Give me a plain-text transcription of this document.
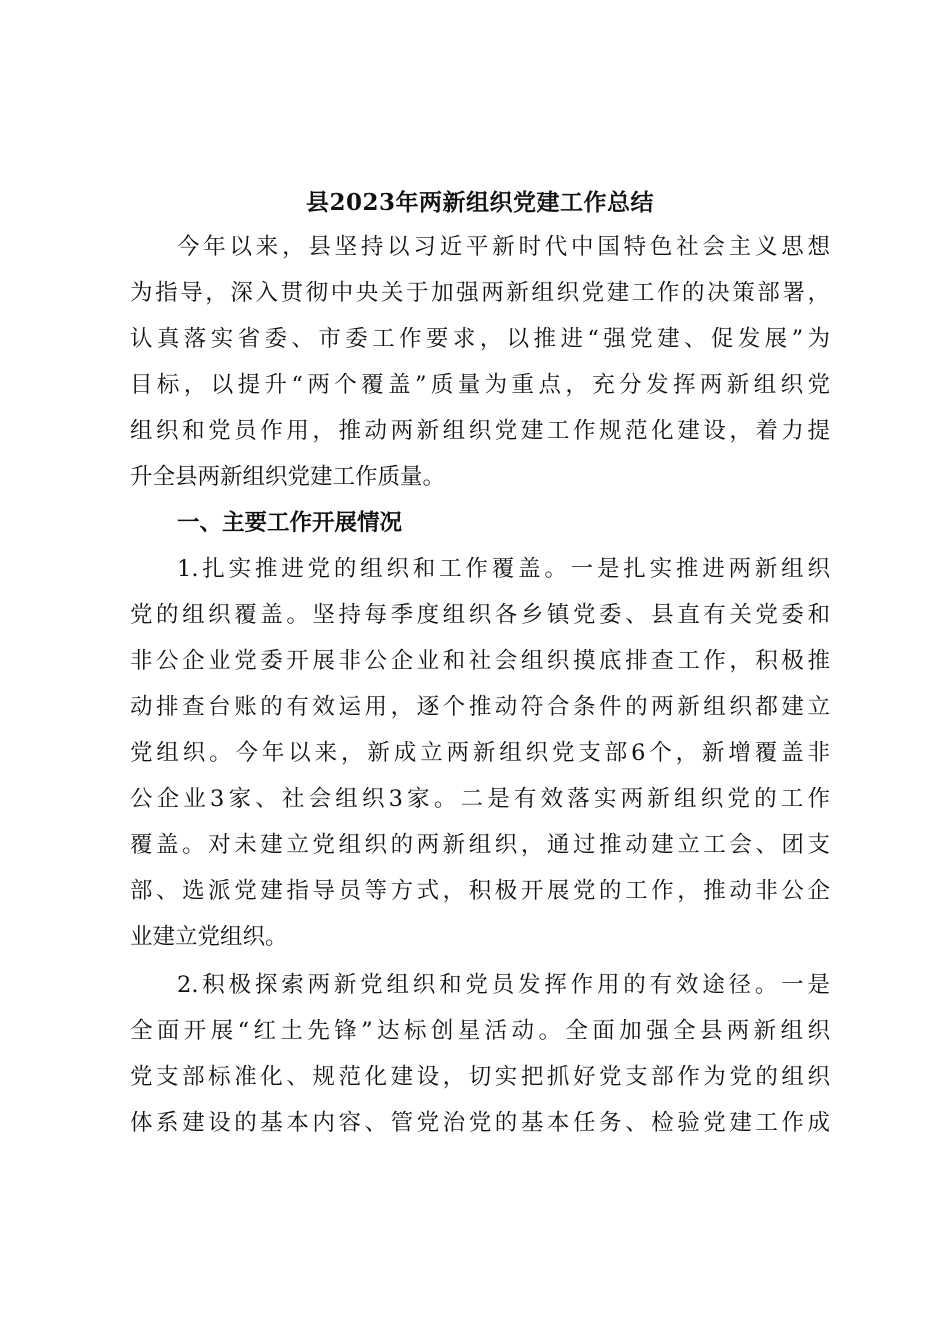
县2023年两新组织党建工作总结

今年以来，县坚持以习近平新时代中国特色社会主义思想

为指导，深入贯彻中央关于加强两新组织党建工作的决策部署，

认真落实省委、市委工作要求，以推进“强党建、促发展”为

目标，以提升“两个覆盖”质量为重点，充分发挥两新组织党

组织和党员作用，推动两新组织党建工作规范化建设，着力提

升全县两新组织党建工作质量。

一、主要工作开展情况

1.扎实推进党的组织和工作覆盖。一是扎实推进两新组织

党的组织覆盖。坚持每季度组织各乡镇党委、县直有关党委和

非公企业党委开展非公企业和社会组织摸底排查工作，积极推

动排查台账的有效运用，逐个推动符合条件的两新组织都建立

党组织。今年以来，新成立两新组织党支部6个，新增覆盖非

公企业3家、社会组织3家。二是有效落实两新组织党的工作

覆盖。对未建立党组织的两新组织，通过推动建立工会、团支

部、选派党建指导员等方式，积极开展党的工作，推动非公企

业建立党组织。

2.积极探索两新党组织和党员发挥作用的有效途径。一是

全面开展“红土先锋”达标创星活动。全面加强全县两新组织

党支部标准化、规范化建设，切实把抓好党支部作为党的组织

体系建设的基本内容、管党治党的基本任务、检验党建工作成
